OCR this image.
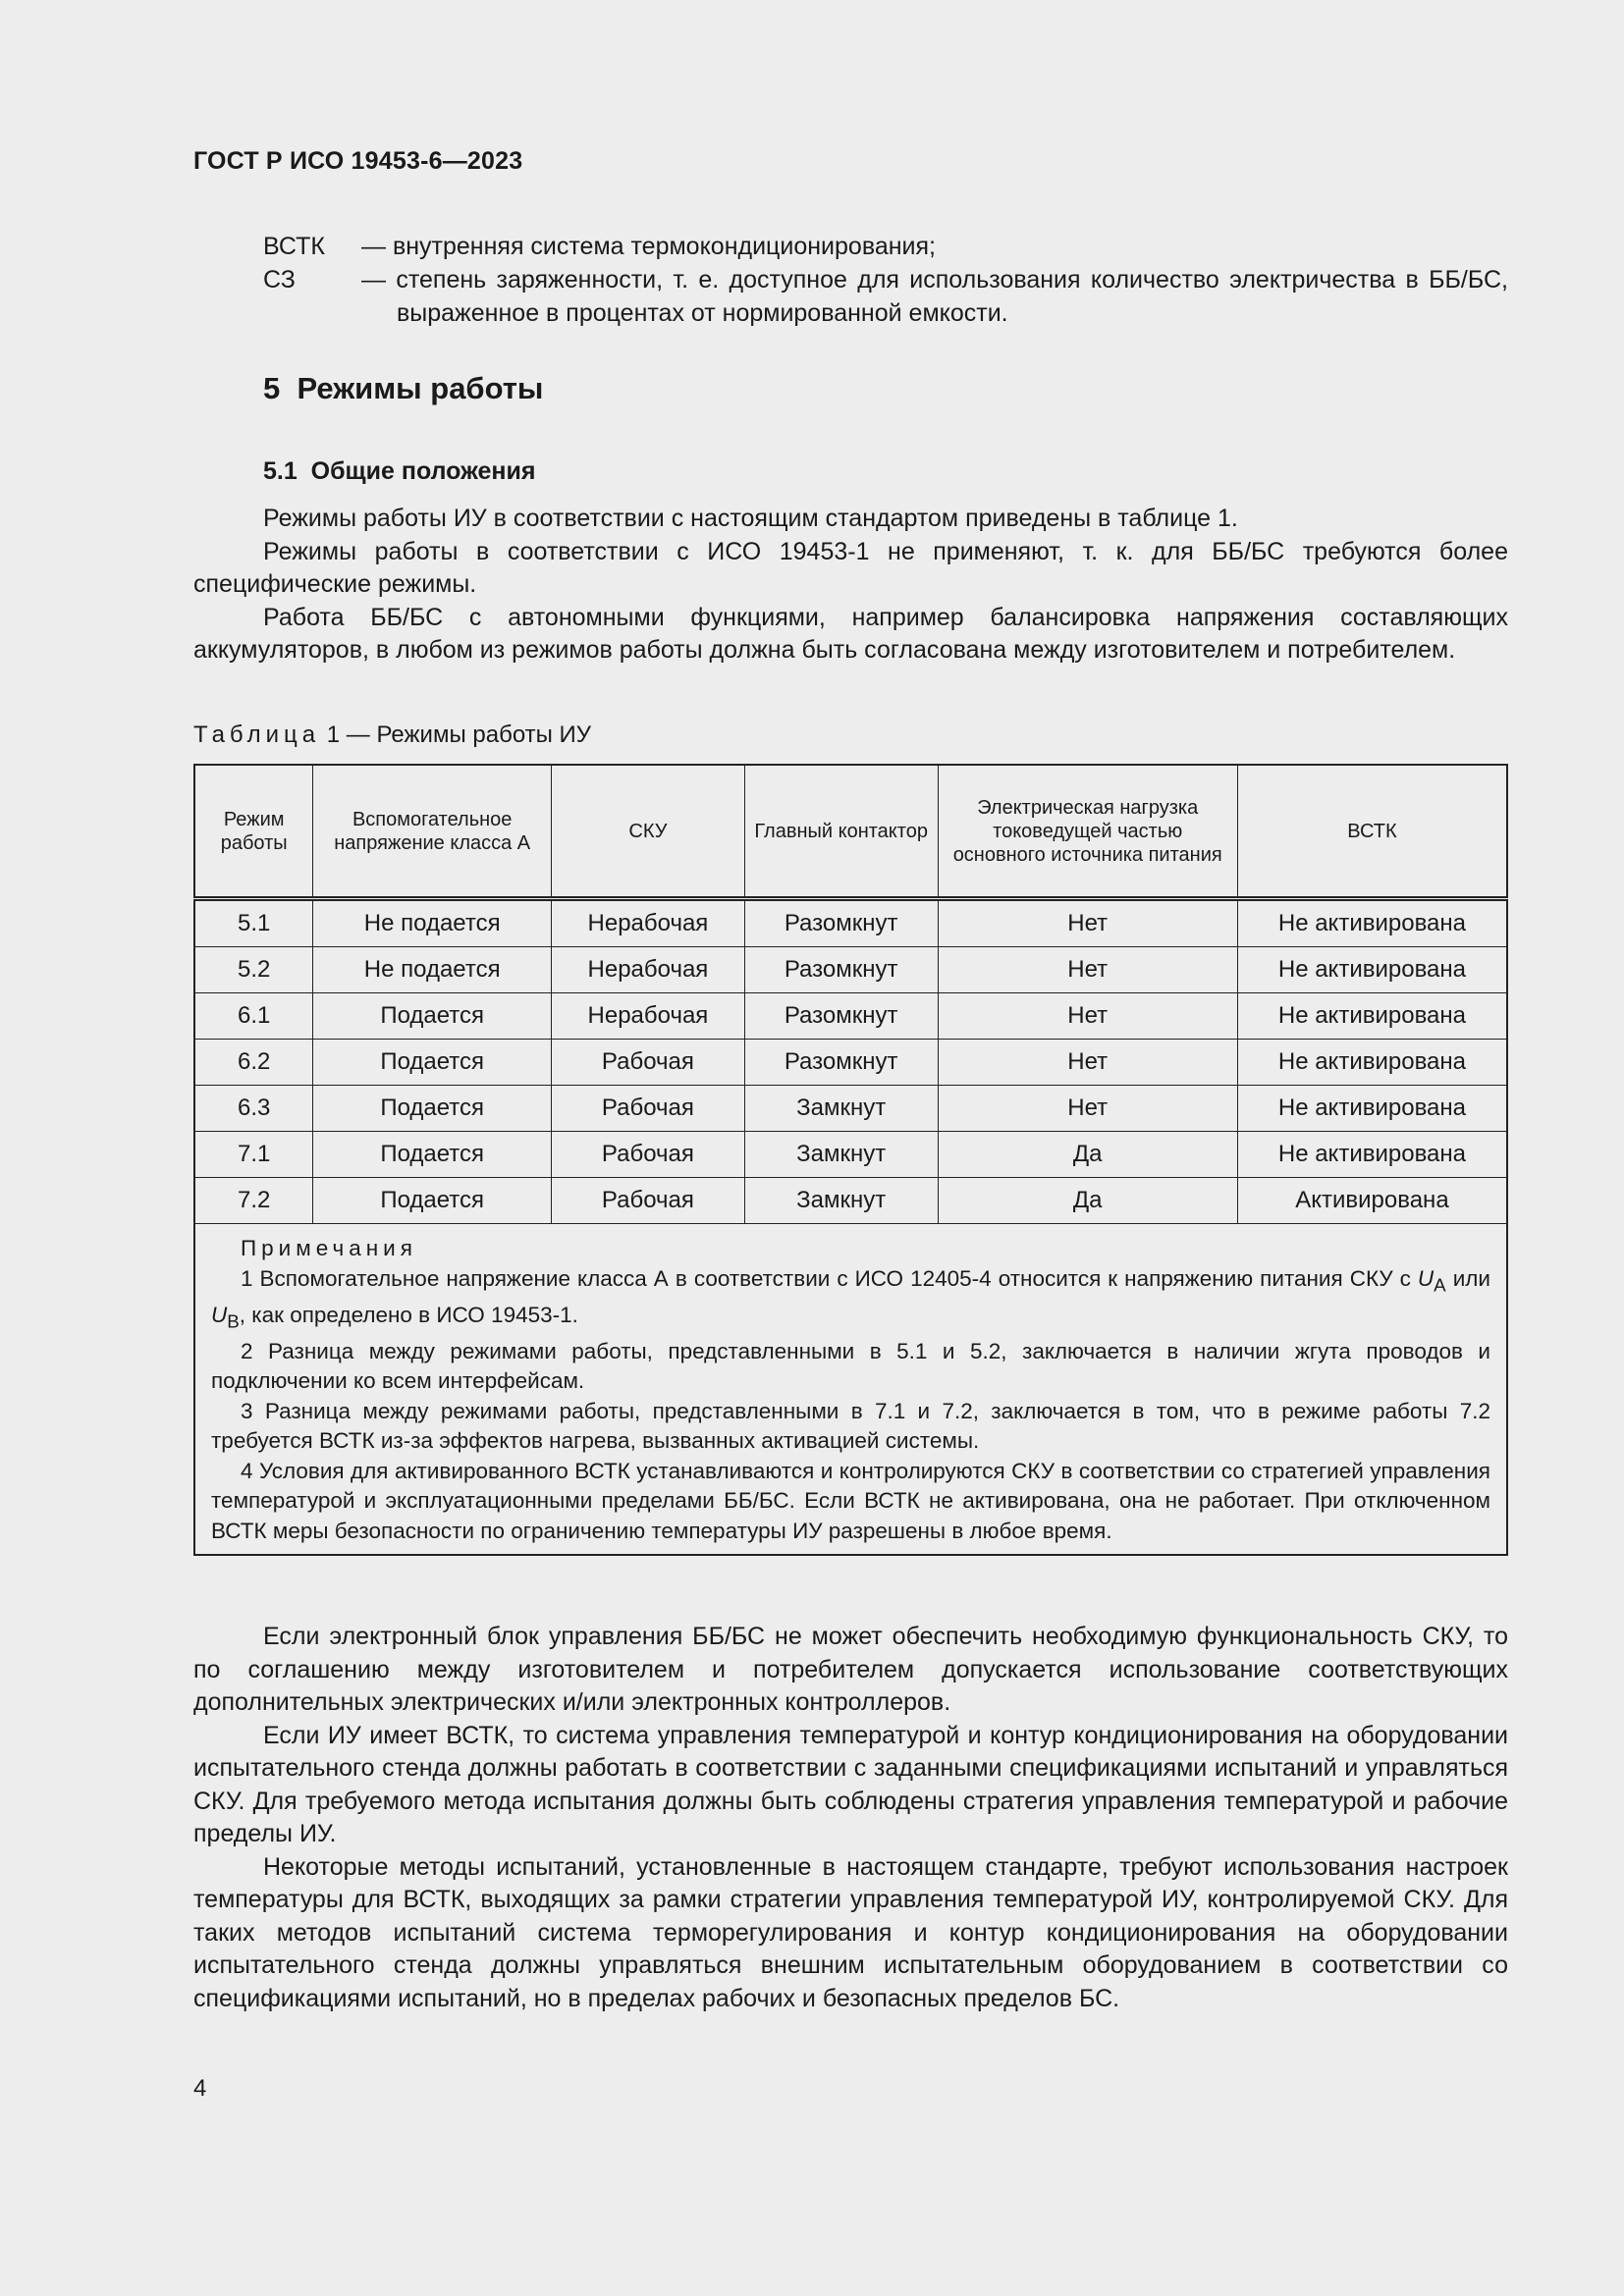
ГОСТ Р ИСО 19453-6—2023
ВСТК — внутренняя система термокондиционирования;
СЗ	— степень заряженности, т. е. доступное для использования количество электричества в ББ/БС, выраженное в процентах от нормированной емкости.
5  Режимы работы
5.1  Общие положения

Режимы работы ИУ в соответствии с настоящим стандартом приведены в таблице 1.

Режимы работы в соответствии с ИСО 19453-1 не применяют, т. к. для ББ/БС требуются более специфические режимы.

Работа ББ/БС с автономными функциями, например балансировка напряжения составляющих аккумуляторов, в любом из режимов работы должна быть согласована между изготовителем и потребителем.

Таблица 1 — Режимы работы ИУ
Режим работы	Вспомогательное напряжение класса А	СКУ	Главный контактор	Электрическая нагрузка токоведущей частью основного источника питания	ВСТК
5.1	Не подается	Нерабочая	Разомкнут	Нет	Не активирована
5.2	Не подается	Нерабочая	Разомкнут	Нет	Не активирована
6.1	Подается	Нерабочая	Разомкнут	Нет	Не активирована
6.2	Подается	Рабочая	Разомкнут	Нет	Не активирована
6.3	Подается	Рабочая	Замкнут	Нет	Не активирована
7.1	Подается	Рабочая	Замкнут	Да	Не активирована
7.2	Подается	Рабочая	Замкнут	Да	Активирована

Примечания

1 Вспомогательное напряжение класса А в соответствии с ИСО 12405-4 относится к напряжению питания СКУ с $U_A$ или $U_B$, как определено в ИСО 19453-1.

2 Разница между режимами работы, представленными в 5.1 и 5.2, заключается в наличии жгута проводов и подключении ко всем интерфейсам.

3 Разница между режимами работы, представленными в 7.1 и 7.2, заключается в том, что в режиме работы 7.2 требуется ВСТК из-за эффектов нагрева, вызванных активацией системы.

4 Условия для активированного ВСТК устанавливаются и контролируются СКУ в соответствии со стратегией управления температурой и эксплуатационными пределами ББ/БС. Если ВСТК не активирована, она не работает. При отключенном ВСТК меры безопасности по ограничению температуры ИУ разрешены в любое время.					

Если электронный блок управления ББ/БС не может обеспечить необходимую функциональность СКУ, то по соглашению между изготовителем и потребителем допускается использование соответствующих дополнительных электрических и/или электронных контроллеров.

Если ИУ имеет ВСТК, то система управления температурой и контур кондиционирования на оборудовании испытательного стенда должны работать в соответствии с заданными спецификациями испытаний и управляться СКУ. Для требуемого метода испытания должны быть соблюдены стратегия управления температурой и рабочие пределы ИУ.

Некоторые методы испытаний, установленные в настоящем стандарте, требуют использования настроек температуры для ВСТК, выходящих за рамки стратегии управления температурой ИУ, контролируемой СКУ. Для таких методов испытаний система терморегулирования и контур кондиционирования на оборудовании испытательного стенда должны управляться внешним испытательным оборудованием в соответствии со спецификациями испытаний, но в пределах рабочих и безопасных пределов БС.

4
